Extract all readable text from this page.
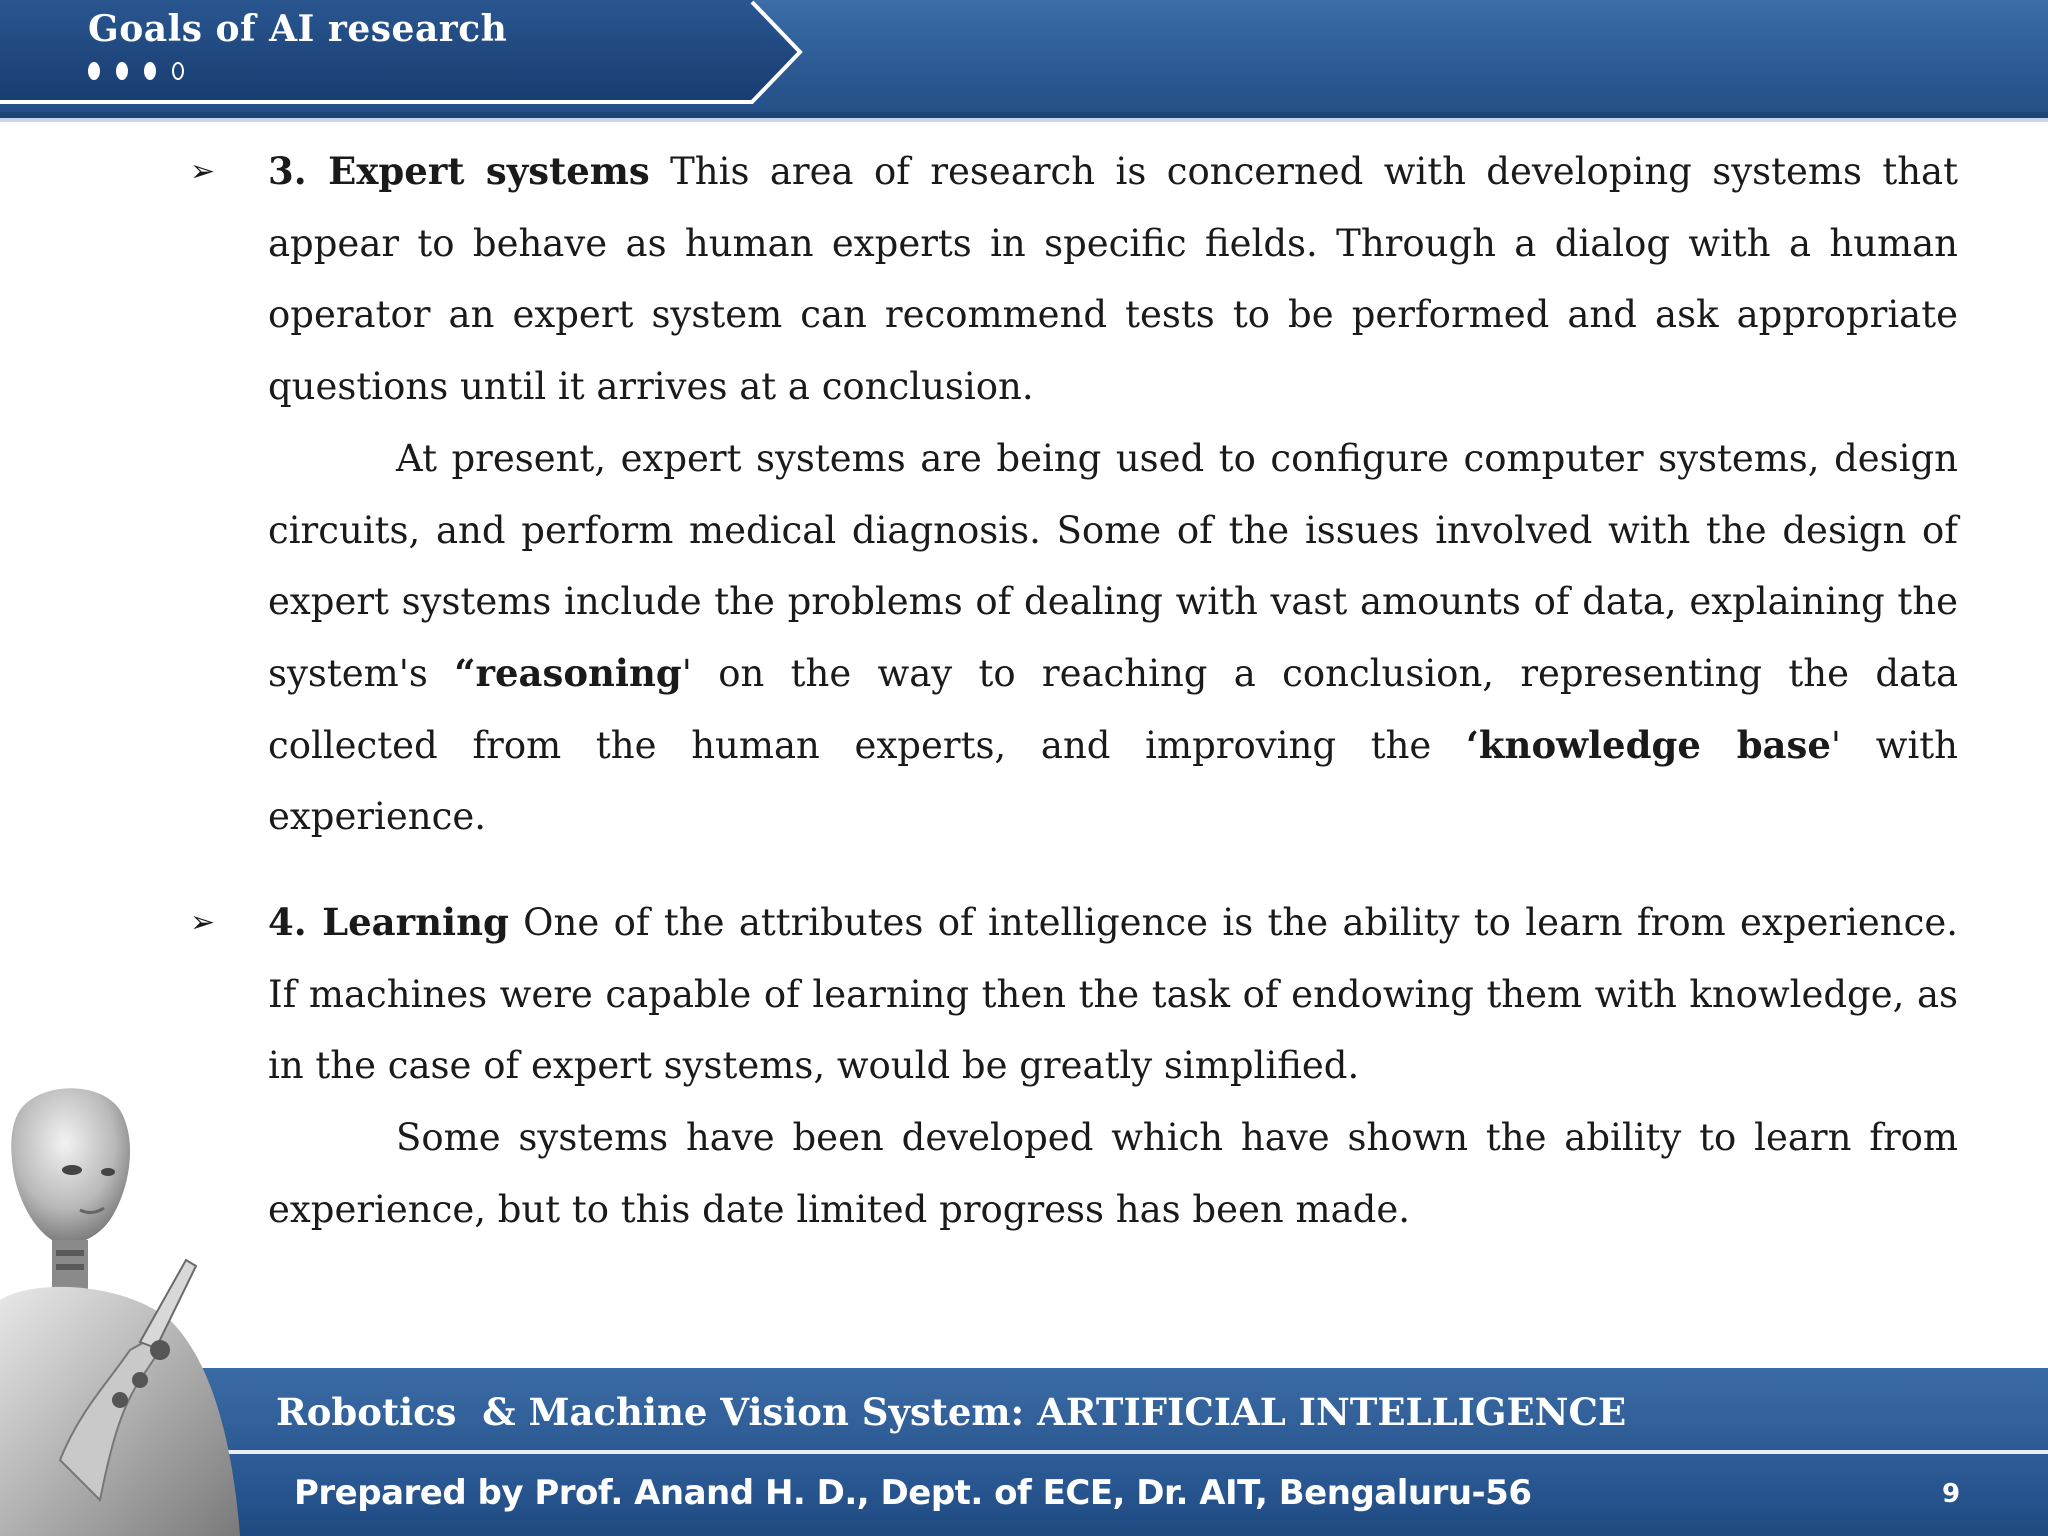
Goals of AI research
➢ 3. Expert systems This area of research is concerned with developing systems that appear to behave as human experts in specific fields. Through a dialog with a human operator an expert system can recommend tests to be performed and ask appropriate questions until it arrives at a conclusion.
At present, expert systems are being used to configure computer systems, design circuits, and perform medical diagnosis. Some of the issues involved with the design of expert systems include the problems of dealing with vast amounts of data, explaining the system's “reasoning' on the way to reaching a conclusion, representing the data collected from the human experts, and improving the ‘knowledge base' with experience.
➢ 4. Learning One of the attributes of intelligence is the ability to learn from experience. If machines were capable of learning then the task of endowing them with knowledge, as in the case of expert systems, would be greatly simplified.
Some systems have been developed which have shown the ability to learn from experience, but to this date limited progress has been made.
Robotics  & Machine Vision System: ARTIFICIAL INTELLIGENCE
Prepared by Prof. Anand H. D., Dept. of ECE, Dr. AIT, Bengaluru-56	9
